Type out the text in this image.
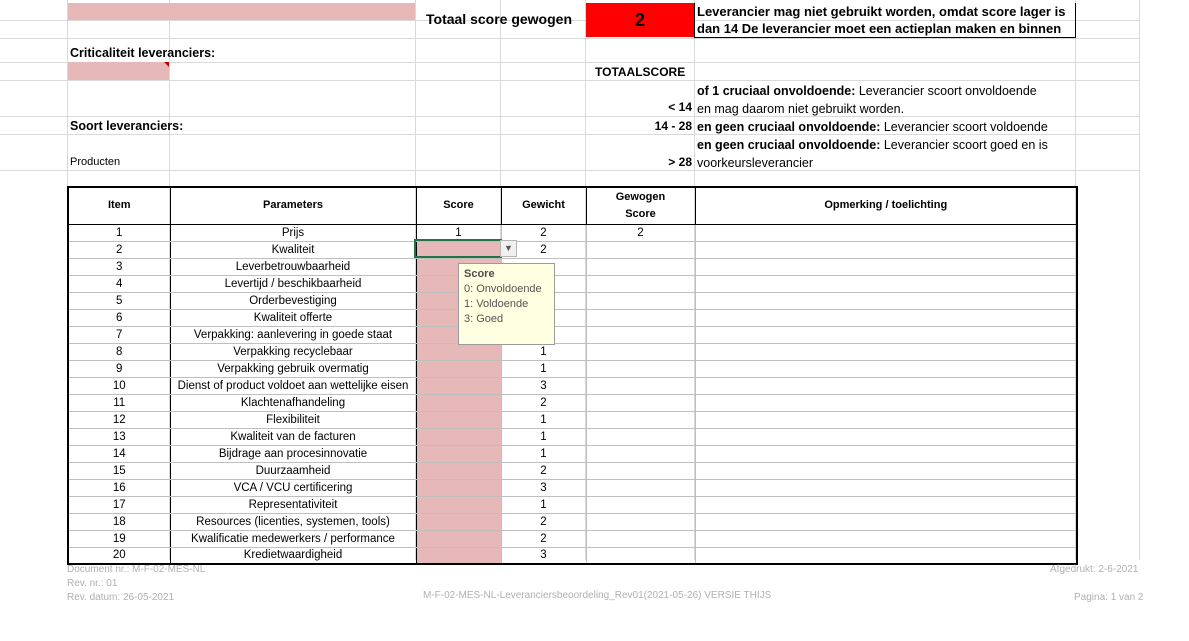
Totaal score gewogen	2	Leverancier mag niet gebruikt worden, omdat score lager is
dan 14 De leverancier moet een actieplan maken en binnen
Criticaliteit leveranciers:
TOTAALSCORE
< 14
of 1 cruciaal onvoldoende: Leverancier scoort onvoldoende
en mag daarom niet gebruikt worden.
Soort leveranciers:	14 - 28 en geen cruciaal onvoldoende: Leverancier scoort voldoende
Producten	> 28
en geen cruciaal onvoldoende: Leverancier scoort goed en is
voorkeursleverancier
Item	Parameters	Score	Gewicht	Gewogen
Score	Opmerking / toelichting
1	Prijs	1	2	2	
2	Kwaliteit		2		
3	Leverbetrouwbaarheid				
4	Levertijd / beschikbaarheid				
5	Orderbevestiging				
6	Kwaliteit offerte				
7	Verpakking: aanlevering in goede staat				
8	Verpakking recyclebaar		1		
9	Verpakking gebruik overmatig		1		
10	Dienst of product voldoet aan wettelijke eisen		3		
11	Klachtenafhandeling		2		
12	Flexibiliteit		1		
13	Kwaliteit van de facturen		1		
14	Bijdrage aan procesinnovatie		1		
15	Duurzaamheid		2		
16	VCA / VCU certificering		3		
17	Representativiteit		1		
18	Resources (licenties, systemen, tools)		2		
19	Kwalificatie medewerkers / performance		2		
20	Kredietwaardigheid		3		
▼
Score
0: Onvoldoende
1: Voldoende
3: Goed
Document nr.: M-F-02-MES-NL
Rev. nr.: 01
Rev. datum: 26-05-2021	M-F-02-MES-NL-Leveranciersbeoordeling_Rev01(2021-05-26) VERSIE THIJS
Afgedrukt: 2-6-2021
Pagina: 1 van 2
